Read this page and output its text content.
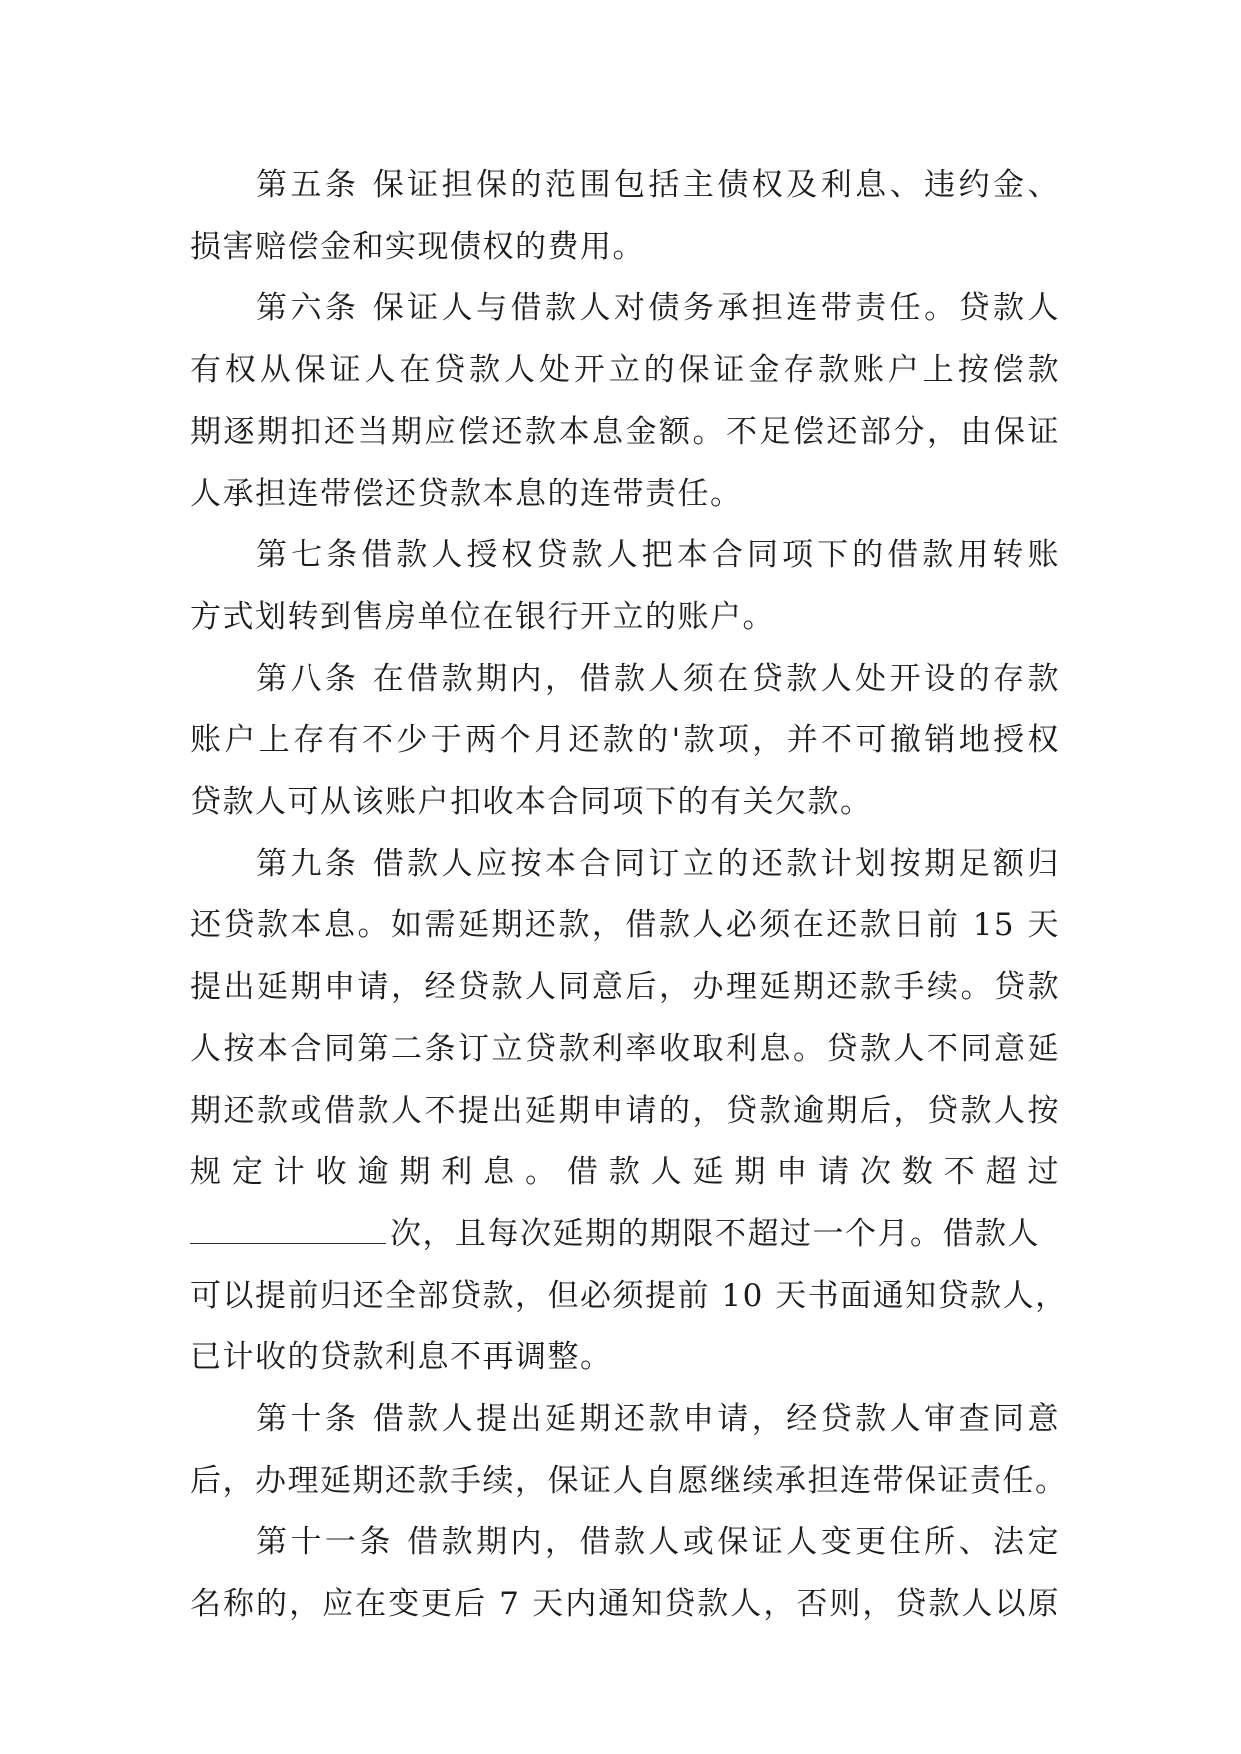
第五条 保证担保的范围包括主债权及利息、违约金、
损害赔偿金和实现债权的费用。

第六条 保证人与借款人对债务承担连带责任。贷款人
有权从保证人在贷款人处开立的保证金存款账户上按偿款
期逐期扣还当期应偿还款本息金额。不足偿还部分，由保证
人承担连带偿还贷款本息的连带责任。

第七条借款人授权贷款人把本合同项下的借款用转账
方式划转到售房单位在银行开立的账户。

第八条 在借款期内，借款人须在贷款人处开设的存款
账户上存有不少于两个月还款的'款项，并不可撤销地授权
贷款人可从该账户扣收本合同项下的有关欠款。

第九条 借款人应按本合同订立的还款计划按期足额归
还贷款本息。如需延期还款，借款人必须在还款日前 15 天
提出延期申请，经贷款人同意后，办理延期还款手续。贷款
人按本合同第二条订立贷款利率收取利息。贷款人不同意延
期还款或借款人不提出延期申请的，贷款逾期后，贷款人按
规定计收逾期利息。借款人延期申请次数不超过
次，且每次延期的期限不超过一个月。借款人
可以提前归还全部贷款，但必须提前 10 天书面通知贷款人，
已计收的贷款利息不再调整。

第十条 借款人提出延期还款申请，经贷款人审查同意
后，办理延期还款手续，保证人自愿继续承担连带保证责任。

第十一条 借款期内，借款人或保证人变更住所、法定
名称的，应在变更后 7 天内通知贷款人，否则，贷款人以原
